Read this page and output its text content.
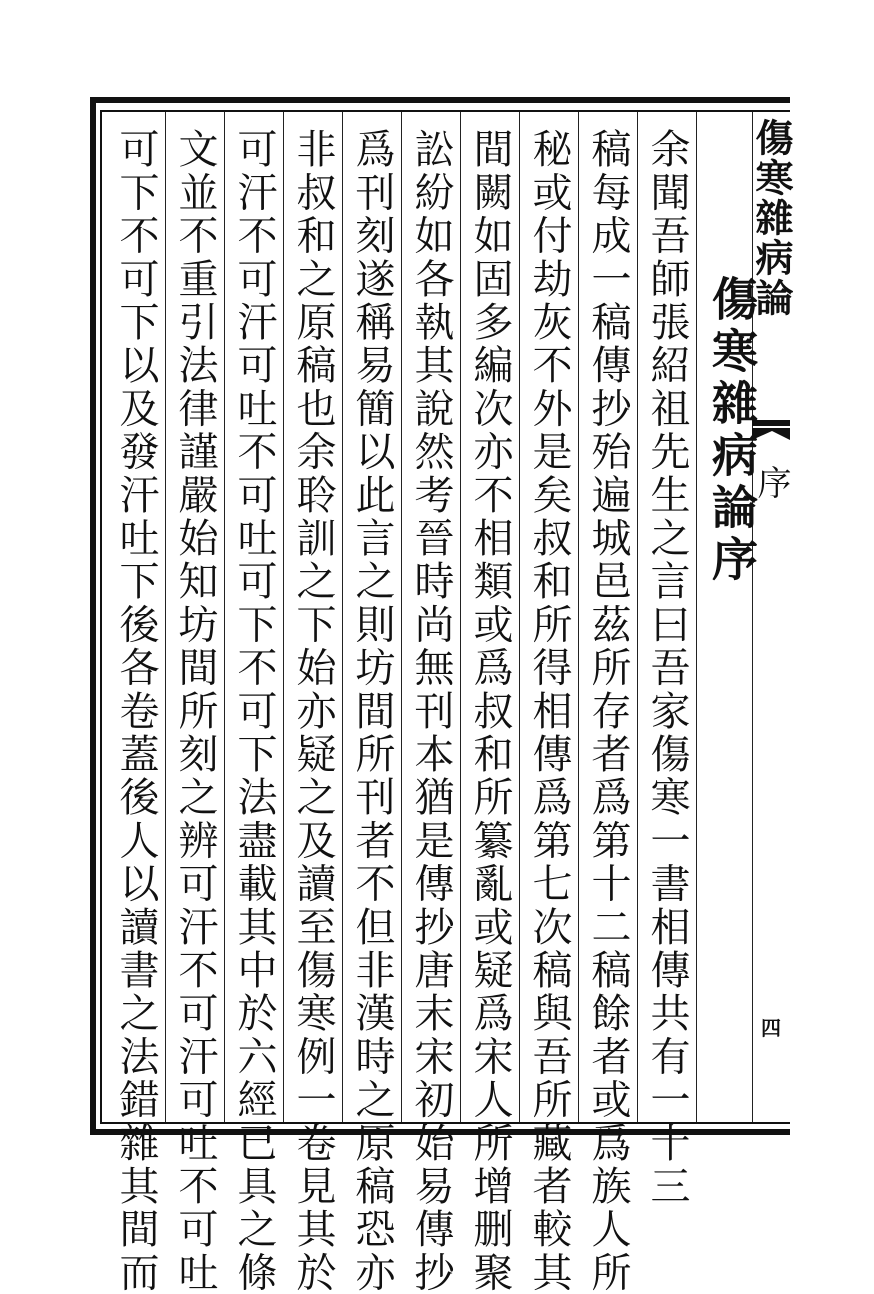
傷寒雜病論
序
四
傷寒雜病論序
余聞吾師張紹祖先生之言曰吾家傷寒一書相傳共有一十三
稿每成一稿傳抄殆遍城邑茲所存者爲第十二稿餘者或爲族人所
秘或付劫灰不外是矣叔和所得相傳爲第七次稿與吾所藏者較其
間闕如固多編次亦不相類或爲叔和所纂亂或疑爲宋人所增删聚
訟紛如各執其說然考晉時尚無刊本猶是傳抄唐末宋初始易傳抄
爲刊刻遂稱易簡以此言之則坊間所刊者不但非漢時之原稿恐亦
非叔和之原稿也余聆訓之下始亦疑之及讀至傷寒例一卷見其於
可汗不可汗可吐不可吐可下不可下法盡載其中於六經已具之條
文並不重引法律謹嚴始知坊間所刻之辨可汗不可汗可吐不可吐
可下不可下以及發汗吐下後各卷蓋後人以讀書之法錯雜其間而
